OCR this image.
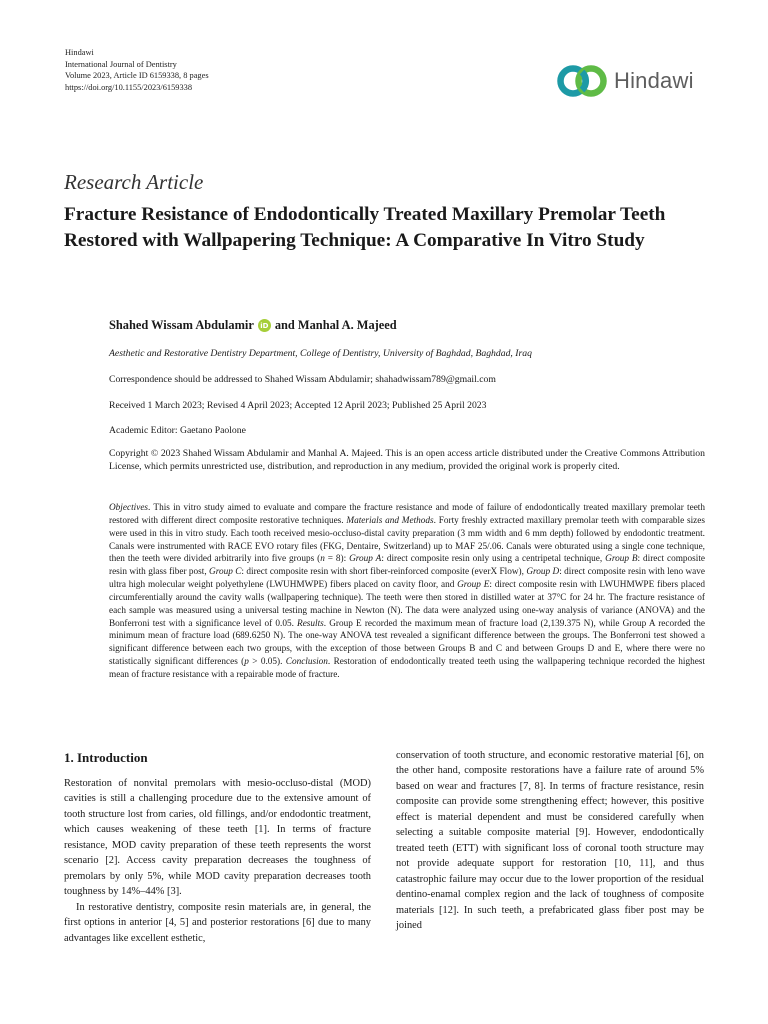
Hindawi
International Journal of Dentistry
Volume 2023, Article ID 6159338, 8 pages
https://doi.org/10.1155/2023/6159338	Hindawi
Research Article
Fracture Resistance of Endodontically Treated Maxillary Premolar Teeth Restored with Wallpapering Technique: A Comparative In Vitro Study
Shahed Wissam Abdulamir iD and Manhal A. Majeed
Aesthetic and Restorative Dentistry Department, College of Dentistry, University of Baghdad, Baghdad, Iraq
Correspondence should be addressed to Shahed Wissam Abdulamir; shahadwissam789@gmail.com
Received 1 March 2023; Revised 4 April 2023; Accepted 12 April 2023; Published 25 April 2023
Academic Editor: Gaetano Paolone
Copyright © 2023 Shahed Wissam Abdulamir and Manhal A. Majeed. This is an open access article distributed under the Creative Commons Attribution License, which permits unrestricted use, distribution, and reproduction in any medium, provided the original work is properly cited.
Objectives. This in vitro study aimed to evaluate and compare the fracture resistance and mode of failure of endodontically treated maxillary premolar teeth restored with different direct composite restorative techniques. Materials and Methods. Forty freshly extracted maxillary premolar teeth with comparable sizes were used in this in vitro study. Each tooth received mesio-occluso-distal cavity preparation (3 mm width and 6 mm depth) followed by endodontic treatment. Canals were instrumented with RACE EVO rotary files (FKG, Dentaire, Switzerland) up to MAF 25/.06. Canals were obturated using a single cone technique, then the teeth were divided arbitrarily into five groups (n = 8): Group A: direct composite resin only using a centripetal technique, Group B: direct composite resin with glass fiber post, Group C: direct composite resin with short fiber-reinforced composite (everX Flow), Group D: direct composite resin with leno wave ultra high molecular weight polyethylene (LWUHMWPE) fibers placed on cavity floor, and Group E: direct composite resin with LWUHMWPE fibers placed circumferentially around the cavity walls (wallpapering technique). The teeth were then stored in distilled water at 37°C for 24 hr. The fracture resistance of each sample was measured using a universal testing machine in Newton (N). The data were analyzed using one-way analysis of variance (ANOVA) and the Bonferroni test with a significance level of 0.05. Results. Group E recorded the maximum mean of fracture load (2,139.375 N), while Group A recorded the minimum mean of fracture load (689.6250 N). The one-way ANOVA test revealed a significant difference between the groups. The Bonferroni test showed a significant difference between each two groups, with the exception of those between Groups B and C and between Groups D and E, where there were no statistically significant differences (p > 0.05). Conclusion. Restoration of endodontically treated teeth using the wallpapering technique recorded the highest mean of fracture resistance with a repairable mode of fracture.
1. Introduction

Restoration of nonvital premolars with mesio-occluso-distal (MOD) cavities is still a challenging procedure due to the extensive amount of tooth structure lost from caries, old fillings, and/or endodontic treatment, which causes weakening of these teeth [1]. In terms of fracture resistance, MOD cavity preparation of these teeth represents the worst scenario [2]. Access cavity preparation decreases the toughness of premolars by only 5%, while MOD cavity preparation decreases tooth toughness by 14%–44% [3].

In restorative dentistry, composite resin materials are, in general, the first options in anterior [4, 5] and posterior restorations [6] due to many advantages like excellent esthetic,

conservation of tooth structure, and economic restorative material [6], on the other hand, composite restorations have a failure rate of around 5% based on wear and fractures [7, 8]. In terms of fracture resistance, resin composite can provide some strengthening effect; however, this positive effect is material dependent and must be considered carefully when selecting a suitable composite material [9]. However, endodontically treated teeth (ETT) with significant loss of coronal tooth structure may not provide adequate support for restoration [10, 11], and thus catastrophic failure may occur due to the lower proportion of the residual dentino-enamal complex region and the lack of toughness of composite materials [12]. In such teeth, a prefabricated glass fiber post may be joined
